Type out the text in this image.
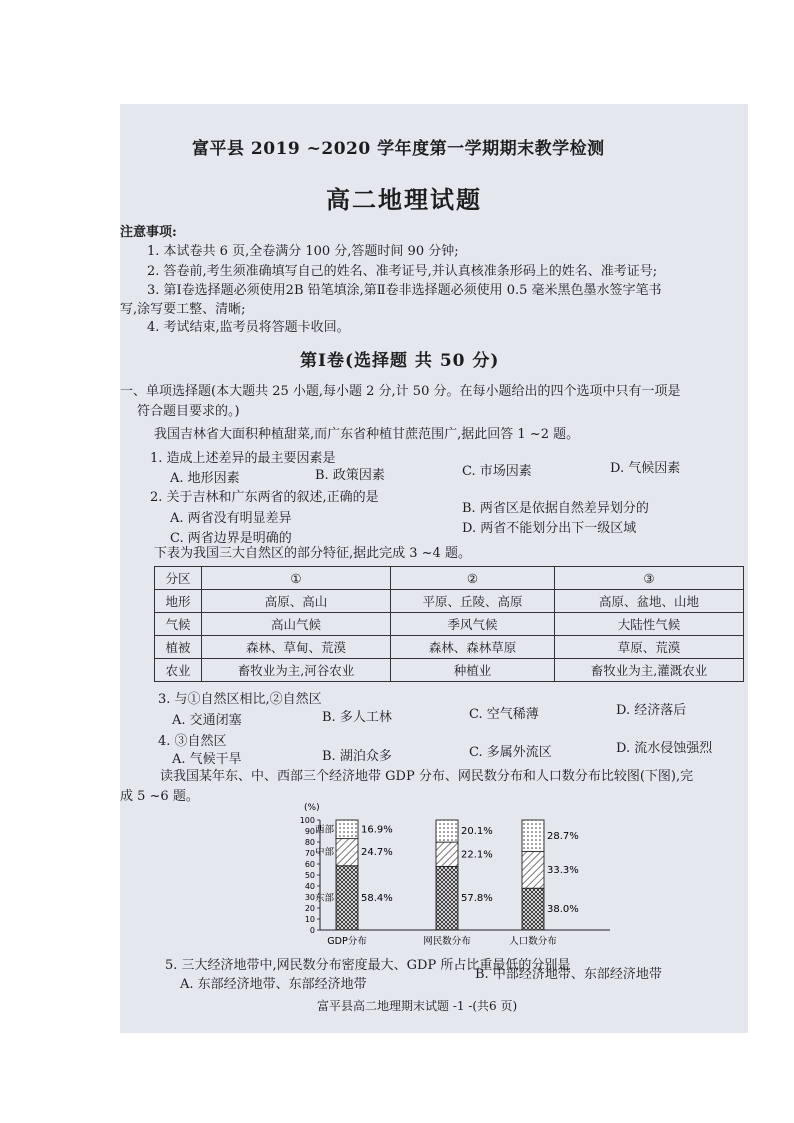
富平县 2019 ~2020 学年度第一学期期末教学检测
高二地理试题
注意事项:
1. 本试卷共 6 页,全卷满分 100 分,答题时间 90 分钟;
2. 答卷前,考生须准确填写自己的姓名、准考证号,并认真核准条形码上的姓名、准考证号;
3. 第Ⅰ卷选择题必须使用2B 铅笔填涂,第Ⅱ卷非选择题必须使用 0.5 毫米黑色墨水签字笔书
写,涂写要工整、清晰;
4. 考试结束,监考员将答题卡收回。
第Ⅰ卷(选择题 共 50 分)
一、单项选择题(本大题共 25 小题,每小题 2 分,计 50 分。在每小题给出的四个选项中只有一项是
符合题目要求的。)
我国吉林省大面积种植甜菜,而广东省种植甘蔗范围广,据此回答 1 ~2 题。
1. 造成上述差异的最主要因素是
A. 地形因素	B. 政策因素	C. 市场因素	D. 气候因素
2. 关于吉林和广东两省的叙述,正确的是
A. 两省没有明显差异
B. 两省区是依据自然差异划分的
C. 两省边界是明确的
D. 两省不能划分出下一级区域
下表为我国三大自然区的部分特征,据此完成 3 ~4 题。
分区	①	②	③
地形	高原、高山	平原、丘陵、高原	高原、盆地、山地
气候	高山气候	季风气候	大陆性气候
植被	森林、草甸、荒漠	森林、森林草原	草原、荒漠
农业	畜牧业为主,河谷农业	种植业	畜牧业为主,灌溉农业
3. 与①自然区相比,②自然区
A. 交通闭塞	B. 多人工林	C. 空气稀薄	D. 经济落后
4. ③自然区
A. 气候干旱	B. 湖泊众多	C. 多属外流区	D. 流水侵蚀强烈
读我国某年东、中、西部三个经济地带 GDP 分布、网民数分布和人口数分布比较图(下图),完
成 5 ~6 题。
(%)
0
10
20
30
40
50
60
70
80
90
100
58.4%
东部
24.7%
中部
16.9%
西部
57.8%
22.1%
20.1%
38.0%
33.3%
28.7%
GDP分布	网民数分布	人口数分布
5. 三大经济地带中,网民数分布密度最大、GDP 所占比重最低的分别是
A. 东部经济地带、东部经济地带
B. 中部经济地带、东部经济地带
富平县高二地理期末试题 -1 -(共6 页)
